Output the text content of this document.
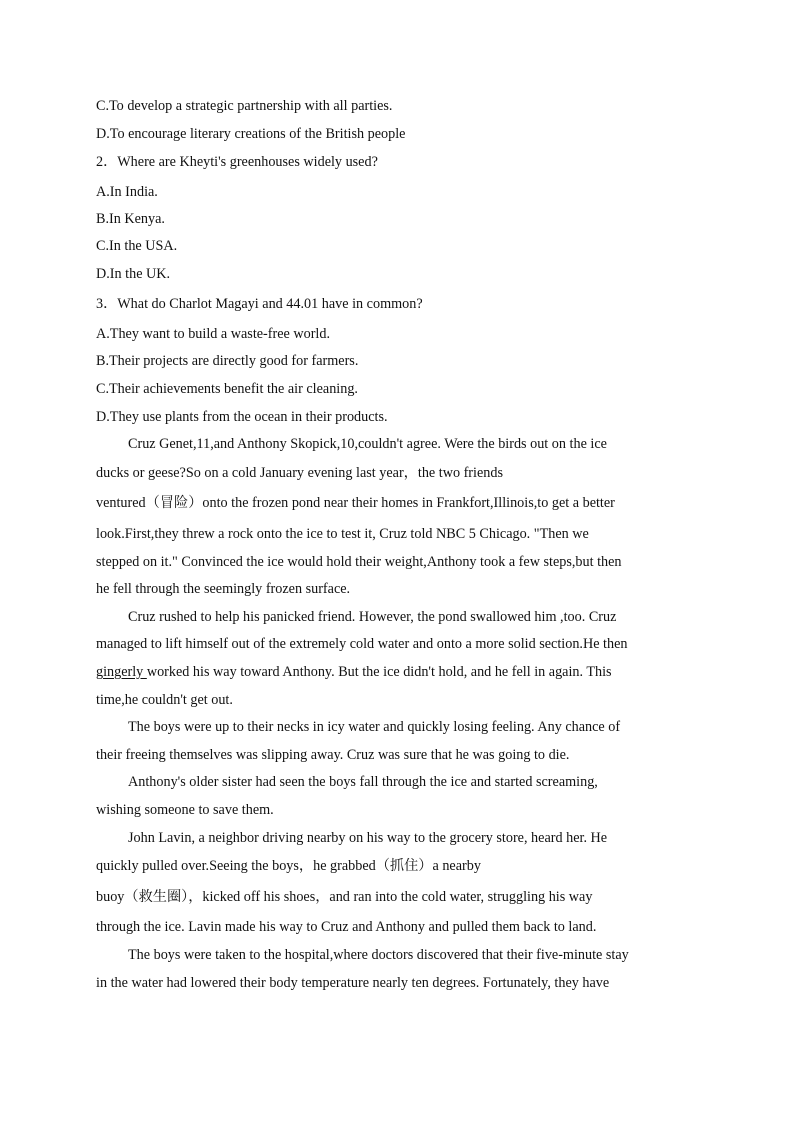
C.To develop a strategic partnership with all parties.
D.To encourage literary creations of the British people
2．Where are Kheyti's greenhouses widely used?
A.In India.
B.In Kenya.
C.In the USA.
D.In the UK.
3．What do Charlot Magayi and 44.01 have in common?
A.They want to build a waste-free world.
B.Their projects are directly good for farmers.
C.Their achievements benefit the air cleaning.
D.They use plants from the ocean in their products.
Cruz Genet,11,and Anthony Skopick,10,couldn't agree. Were the birds out on the ice
ducks or geese?So on a cold January evening last year，the two friends
ventured（冒险）onto the frozen pond near their homes in Frankfort,Illinois,to get a better
look.First,they threw a rock onto the ice to test it, Cruz told NBC 5 Chicago. "Then we
stepped on it." Convinced the ice would hold their weight,Anthony took a few steps,but then
he fell through the seemingly frozen surface.
Cruz rushed to help his panicked friend. However, the pond swallowed him ,too. Cruz
managed to lift himself out of the extremely cold water and onto a more solid section.He then
gingerly worked his way toward Anthony. But the ice didn't hold, and he fell in again. This
time,he couldn't get out.
The boys were up to their necks in icy water and quickly losing feeling. Any chance of
their freeing themselves was slipping away. Cruz was sure that he was going to die.
Anthony's older sister had seen the boys fall through the ice and started screaming,
wishing someone to save them.
John Lavin, a neighbor driving nearby on his way to the grocery store, heard her. He
quickly pulled over.Seeing the boys，he grabbed（抓住）a nearby
buoy（救生圈），kicked off his shoes，and ran into the cold water, struggling his way
through the ice. Lavin made his way to Cruz and Anthony and pulled them back to land.
The boys were taken to the hospital,where doctors discovered that their five-minute stay
in the water had lowered their body temperature nearly ten degrees. Fortunately, they have
